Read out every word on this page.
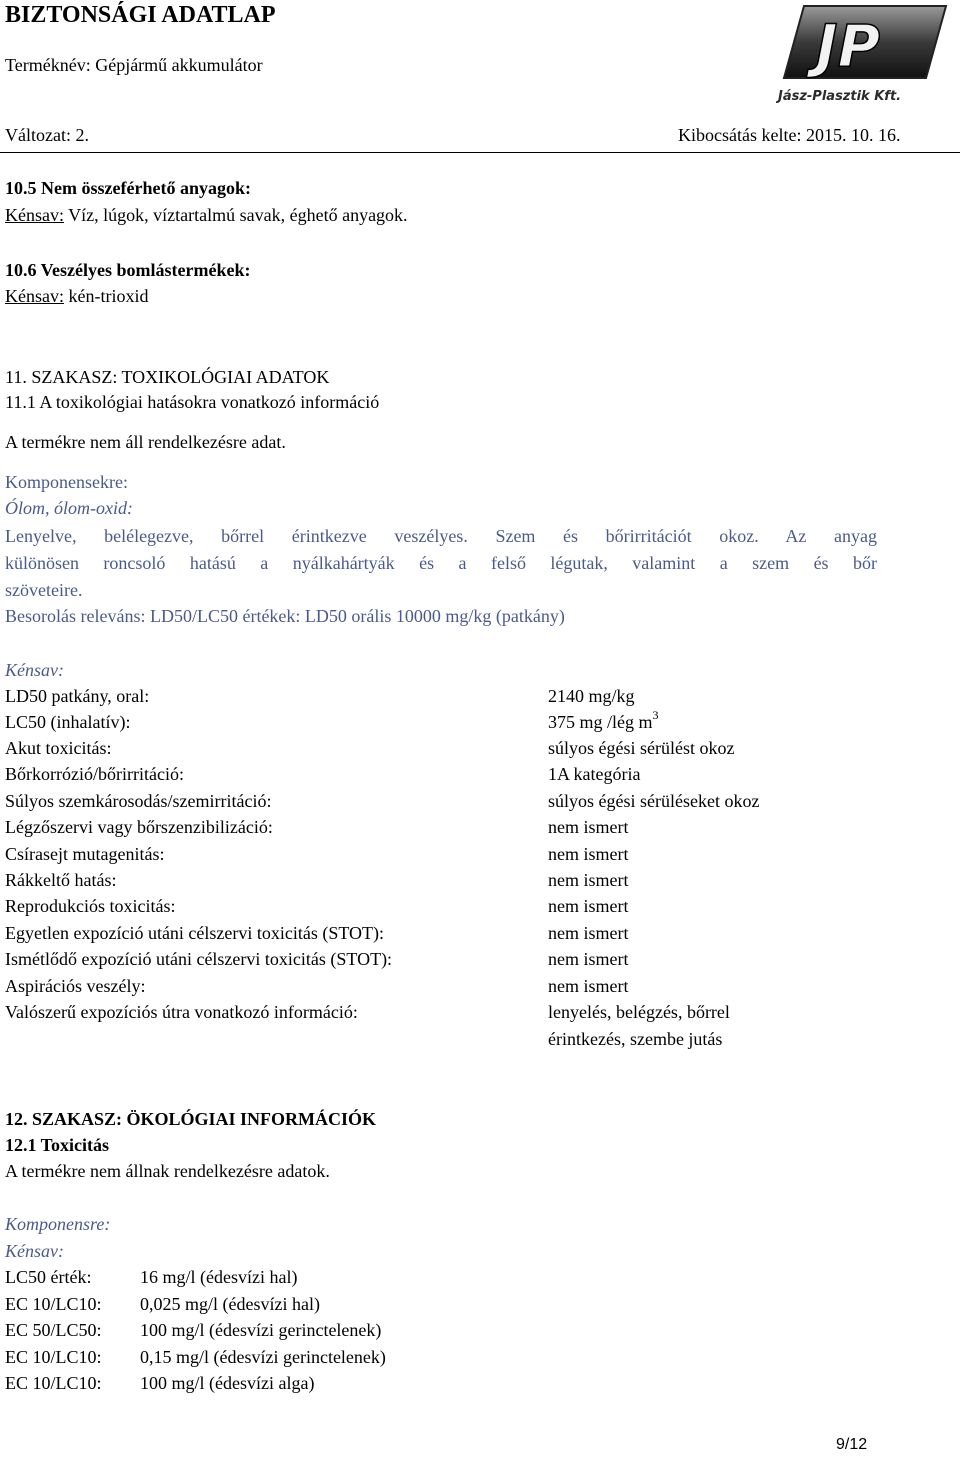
BIZTONSÁGI ADATLAP
Terméknév: Gépjármű akkumulátor
Változat: 2.	Kibocsátás kelte: 2015. 10. 16.
JP
Jász-Plasztik Kft.
10.5 Nem összeférhető anyagok:
Kénsav: Víz, lúgok, víztartalmú savak, éghető anyagok.
10.6 Veszélyes bomlástermékek:
Kénsav: kén-trioxid
11. SZAKASZ: TOXIKOLÓGIAI ADATOK
11.1 A toxikológiai hatásokra vonatkozó információ
A termékre nem áll rendelkezésre adat.
Komponensekre:
Ólom, ólom-oxid:
Lenyelve, belélegezve, bőrrel érintkezve veszélyes. Szem és bőrirritációt okoz. Az anyag
különösen roncsoló hatású a nyálkahártyák és a felső légutak, valamint a szem és bőr
szöveteire.
Besorolás releváns: LD50/LC50 értékek: LD50 orális 10000 mg/kg (patkány)
Kénsav:
LD50 patkány, oral:	2140 mg/kg
LC50 (inhalatív):	375 mg /lég $m^3$
Akut toxicitás:	súlyos égési sérülést okoz
Bőrkorrózió/bőrirritáció:	1A kategória
Súlyos szemkárosodás/szemirritáció:	súlyos égési sérüléseket okoz
Légzőszervi vagy bőrszenzibilizáció:	nem ismert
Csírasejt mutagenitás:	nem ismert
Rákkeltő hatás:	nem ismert
Reprodukciós toxicitás:	nem ismert
Egyetlen expozíció utáni célszervi toxicitás (STOT):	nem ismert
Ismétlődő expozíció utáni célszervi toxicitás (STOT):	nem ismert
Aspirációs veszély:	nem ismert
Valószerű expozíciós útra vonatkozó információ:	lenyelés, belégzés, bőrrel
érintkezés, szembe jutás
12. SZAKASZ: ÖKOLÓGIAI INFORMÁCIÓK
12.1 Toxicitás
A termékre nem állnak rendelkezésre adatok.
Komponensre:
Kénsav:
LC50 érték:	16 mg/l (édesvízi hal)
EC 10/LC10: 0,025 mg/l (édesvízi hal)
EC 50/LC50: 100 mg/l (édesvízi gerinctelenek)
EC 10/LC10: 0,15 mg/l (édesvízi gerinctelenek)
EC 10/LC10: 100 mg/l (édesvízi alga)
9/12
